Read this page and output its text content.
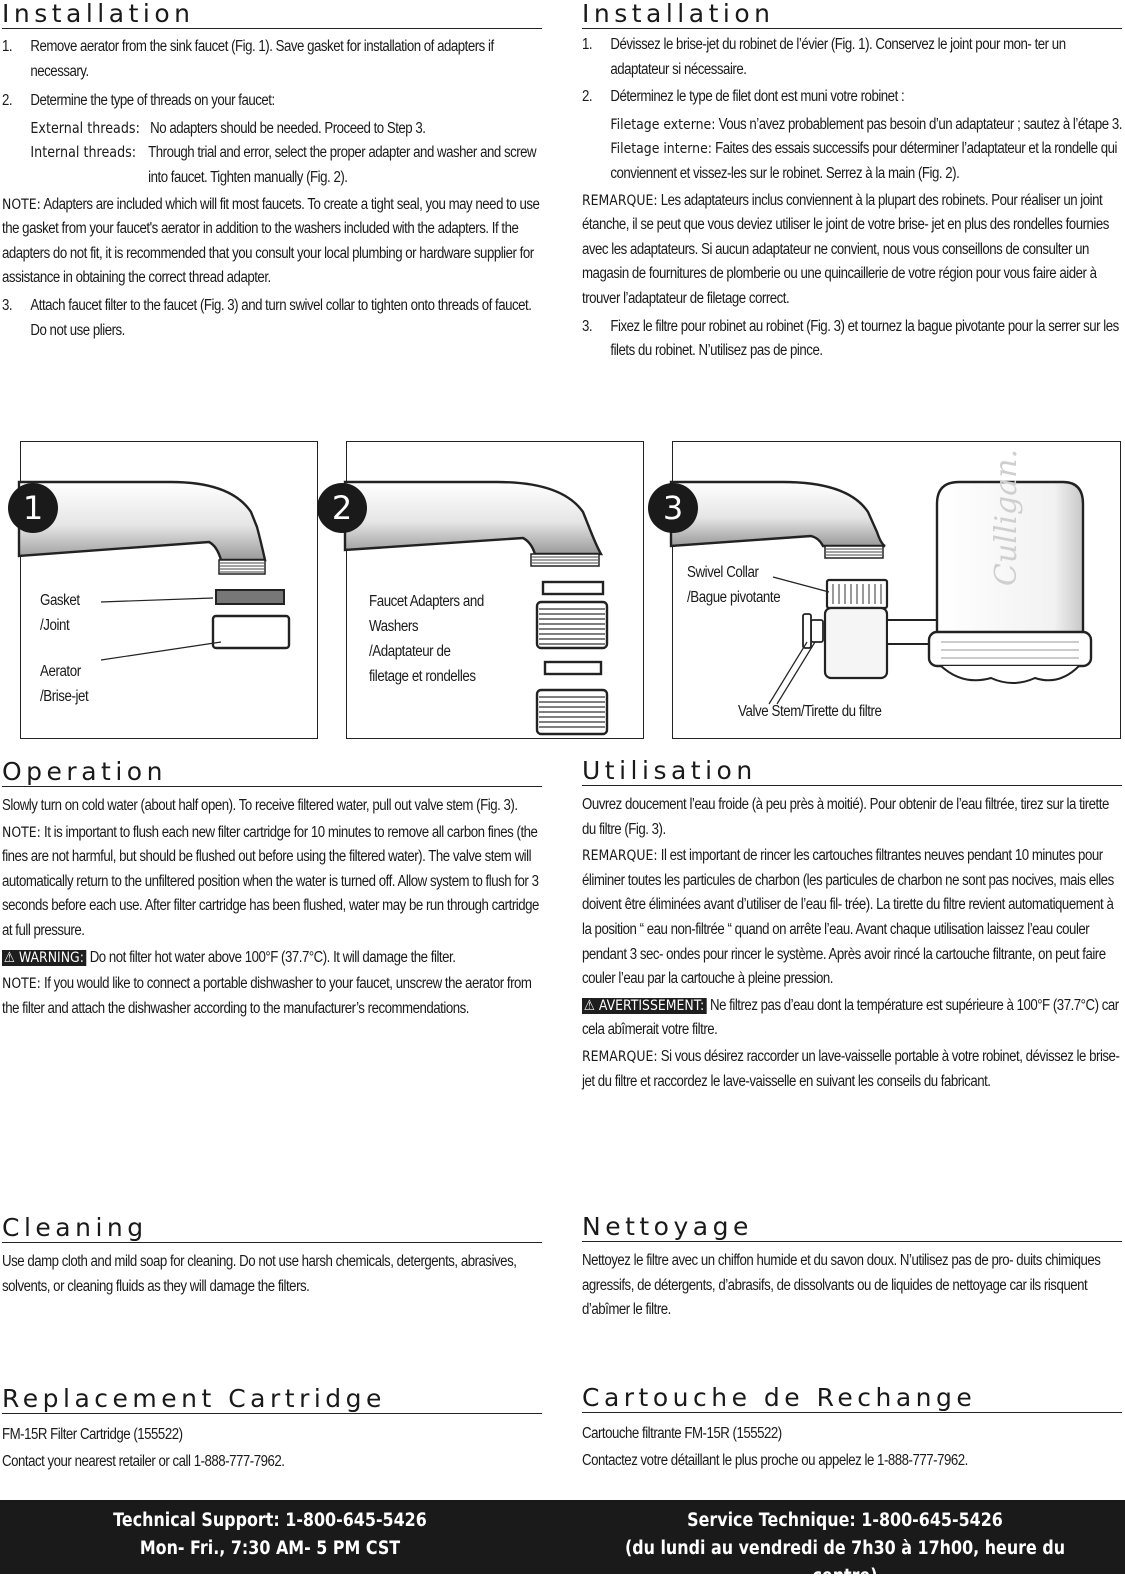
Installation
1. Remove aerator from the sink faucet (Fig. 1). Save gasket for installation of adapters if necessary.
2. Determine the type of threads on your faucet:
External threads: No adapters should be needed. Proceed to Step 3.
Internal threads: Through trial and error, select the proper adapter and washer and screw into faucet. Tighten manually (Fig. 2).

NOTE: Adapters are included which will fit most faucets. To create a tight seal, you may need to use the gasket from your faucet's aerator in addition to the washers included with the adapters. If the adapters do not fit, it is recommended that you consult your local plumbing or hardware supplier for assistance in obtaining the correct thread adapter.

3. Attach faucet filter to the faucet (Fig. 3) and turn swivel collar to tighten onto threads of faucet. Do not use pliers.
Installation
1. Dévissez le brise-jet du robinet de l’évier (Fig. 1). Conservez le joint pour mon- ter un adaptateur si nécessaire.
2. Déterminez le type de filet dont est muni votre robinet :
Filetage externe: Vous n’avez probablement pas besoin d’un adaptateur ; sautez à l’étape 3.
Filetage interne: Faites des essais successifs pour déterminer l’adaptateur et la rondelle qui conviennent et vissez-les sur le robinet. Serrez à la main (Fig. 2).

REMARQUE: Les adaptateurs inclus conviennent à la plupart des robinets. Pour réaliser un joint étanche, il se peut que vous deviez utiliser le joint de votre brise- jet en plus des rondelles fournies avec les adaptateurs. Si aucun adaptateur ne convient, nous vous conseillons de consulter un magasin de fournitures de plomberie ou une quincaillerie de votre région pour vous faire aider à trouver l’adaptateur de filetage correct.

3. Fixez le filtre pour robinet au robinet (Fig. 3) et tournez la bague pivotante pour la serrer sur les filets du robinet. N’utilisez pas de pince.
1
Gasket
/Joint
Aerator
/Brise-jet
2
Faucet Adapters and
Washers
/Adaptateur de
filetage et rondelles
Culligan.
3
Swivel Collar
/Bague pivotante
Valve Stem/Tirette du filtre
Operation

Slowly turn on cold water (about half open). To receive filtered water, pull out valve stem (Fig. 3).

NOTE: It is important to flush each new filter cartridge for 10 minutes to remove all carbon fines (the fines are not harmful, but should be flushed out before using the filtered water). The valve stem will automatically return to the unfiltered position when the water is turned off. Allow system to flush for 3 seconds before each use. After filter cartridge has been flushed, water may be run through cartridge at full pressure.

⚠ WARNING: Do not filter hot water above 100°F (37.7°C). It will damage the filter.

NOTE: If you would like to connect a portable dishwasher to your faucet, unscrew the aerator from the filter and attach the dishwasher according to the manufacturer’s recommendations.

Utilisation

Ouvrez doucement l’eau froide (à peu près à moitié). Pour obtenir de l’eau filtrée, tirez sur la tirette du filtre (Fig. 3).

REMARQUE: Il est important de rincer les cartouches filtrantes neuves pendant 10 minutes pour éliminer toutes les particules de charbon (les particules de charbon ne sont pas nocives, mais elles doivent être éliminées avant d’utiliser de l’eau fil- trée). La tirette du filtre revient automatiquement à la position “ eau non-filtrée “ quand on arrête l’eau. Avant chaque utilisation laissez l’eau couler pendant 3 sec- ondes pour rincer le système. Après avoir rincé la cartouche filtrante, on peut faire couler l’eau par la cartouche à pleine pression.

⚠ AVERTISSEMENT: Ne filtrez pas d’eau dont la température est supérieure à 100°F (37.7°C) car cela abîmerait votre filtre.

REMARQUE: Si vous désirez raccorder un lave-vaisselle portable à votre robinet, dévissez le brise-jet du filtre et raccordez le lave-vaisselle en suivant les conseils du fabricant.

Cleaning
Use damp cloth and mild soap for cleaning. Do not use harsh chemicals, detergents, abrasives, solvents, or cleaning fluids as they will damage the filters.
Nettoyage
Nettoyez le filtre avec un chiffon humide et du savon doux. N’utilisez pas de pro- duits chimiques agressifs, de détergents, d’abrasifs, de dissolvants ou de liquides de nettoyage car ils risquent d’abîmer le filtre.
Replacement Cartridge
FM-15R Filter Cartridge (155522)
Contact your nearest retailer or call 1-888-777-7962.
Cartouche de Rechange
Cartouche filtrante FM-15R (155522)
Contactez votre détaillant le plus proche ou appelez le 1-888-777-7962.
Technical Support: 1-800-645-5426
Mon- Fri., 7:30 AM- 5 PM CST
Service Technique: 1-800-645-5426
(du lundi au vendredi de 7h30 à 17h00, heure du centre)
